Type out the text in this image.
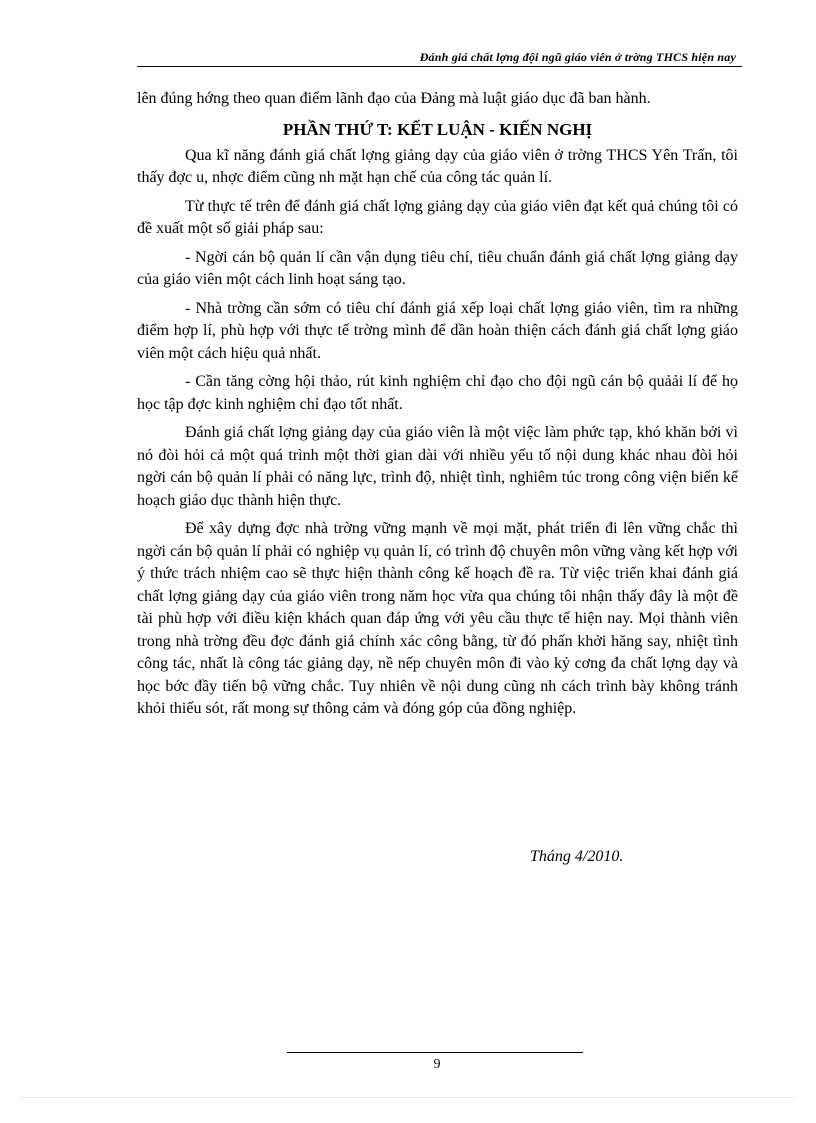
Đánh giá chất lợng đội ngũ giáo viên ở trờng THCS hiện nay

lên đúng hớng theo quan điểm lãnh đạo của Đảng mà luật giáo dục đã ban hành.

PHẦN THỨ T: KẾT LUẬN - KIẾN NGHỊ

Qua kĩ năng đánh giá chất lợng giảng dạy của giáo viên ở trờng THCS Yên Trấn, tôi thấy đợc u, nhợc điểm cũng nh mặt hạn chế của công tác quản lí.

Từ thực tế trên để đánh giá chất lợng giảng dạy của giáo viên đạt kết quả chúng tôi có đề xuất một số giải pháp sau:

- Ngời cán bộ quản lí cần vận dụng tiêu chí, tiêu chuẩn đánh giá chất lợng giảng dạy của giáo viên một cách linh hoạt sáng tạo.

- Nhà trờng cần sớm có tiêu chí đánh giá xếp loại chất lợng giáo viên, tìm ra những điểm hợp lí, phù hợp với thực tế trờng mình để dần hoàn thiện cách đánh giá chất lợng giáo viên một cách hiệu quả nhất.

- Cần tăng cờng hội thảo, rút kinh nghiệm chỉ đạo cho đội ngũ cán bộ quảải lí để họ học tập đợc kinh nghiệm chỉ đạo tốt nhất.

Đánh giá chất lợng giảng dạy của giáo viên là một việc làm phức tạp, khó khăn bởi vì nó đòi hỏi cả một quá trình một thời gian dài với nhiều yếu tố nội dung khác nhau đòi hỏi ngời cán bộ quản lí phải có năng lực, trình độ, nhiệt tình, nghiêm túc trong công viện biến kế hoạch giáo dục thành hiện thực.

Để xây dựng đợc nhà trờng vững mạnh về mọi mặt, phát triển đi lên vững chắc thì ngời cán bộ quản lí phải có nghiệp vụ quản lí, có trình độ chuyên môn vững vàng kết hợp với ý thức trách nhiệm cao sẽ thực hiện thành công kế hoạch đề ra. Từ việc triển khai đánh giá chất lợng giảng dạy của giáo viên trong năm học vừa qua chúng tôi nhận thấy đây là một đề tài phù hợp với điều kiện khách quan đáp ứng với yêu cầu thực tế hiện nay. Mọi thành viên trong nhà trờng đều đợc đánh giá chính xác công bằng, từ đó phấn khởi hăng say, nhiệt tình công tác, nhất là công tác giảng dạy, nề nếp chuyên môn đi vào kỷ cơng đa chất lợng dạy và học bớc đầy tiến bộ vững chắc. Tuy nhiên về nội dung cũng nh cách trình bày không tránh khỏi thiếu sót, rất mong sự thông cảm và đóng góp của đồng nghiệp.

Tháng 4/2010.
9
